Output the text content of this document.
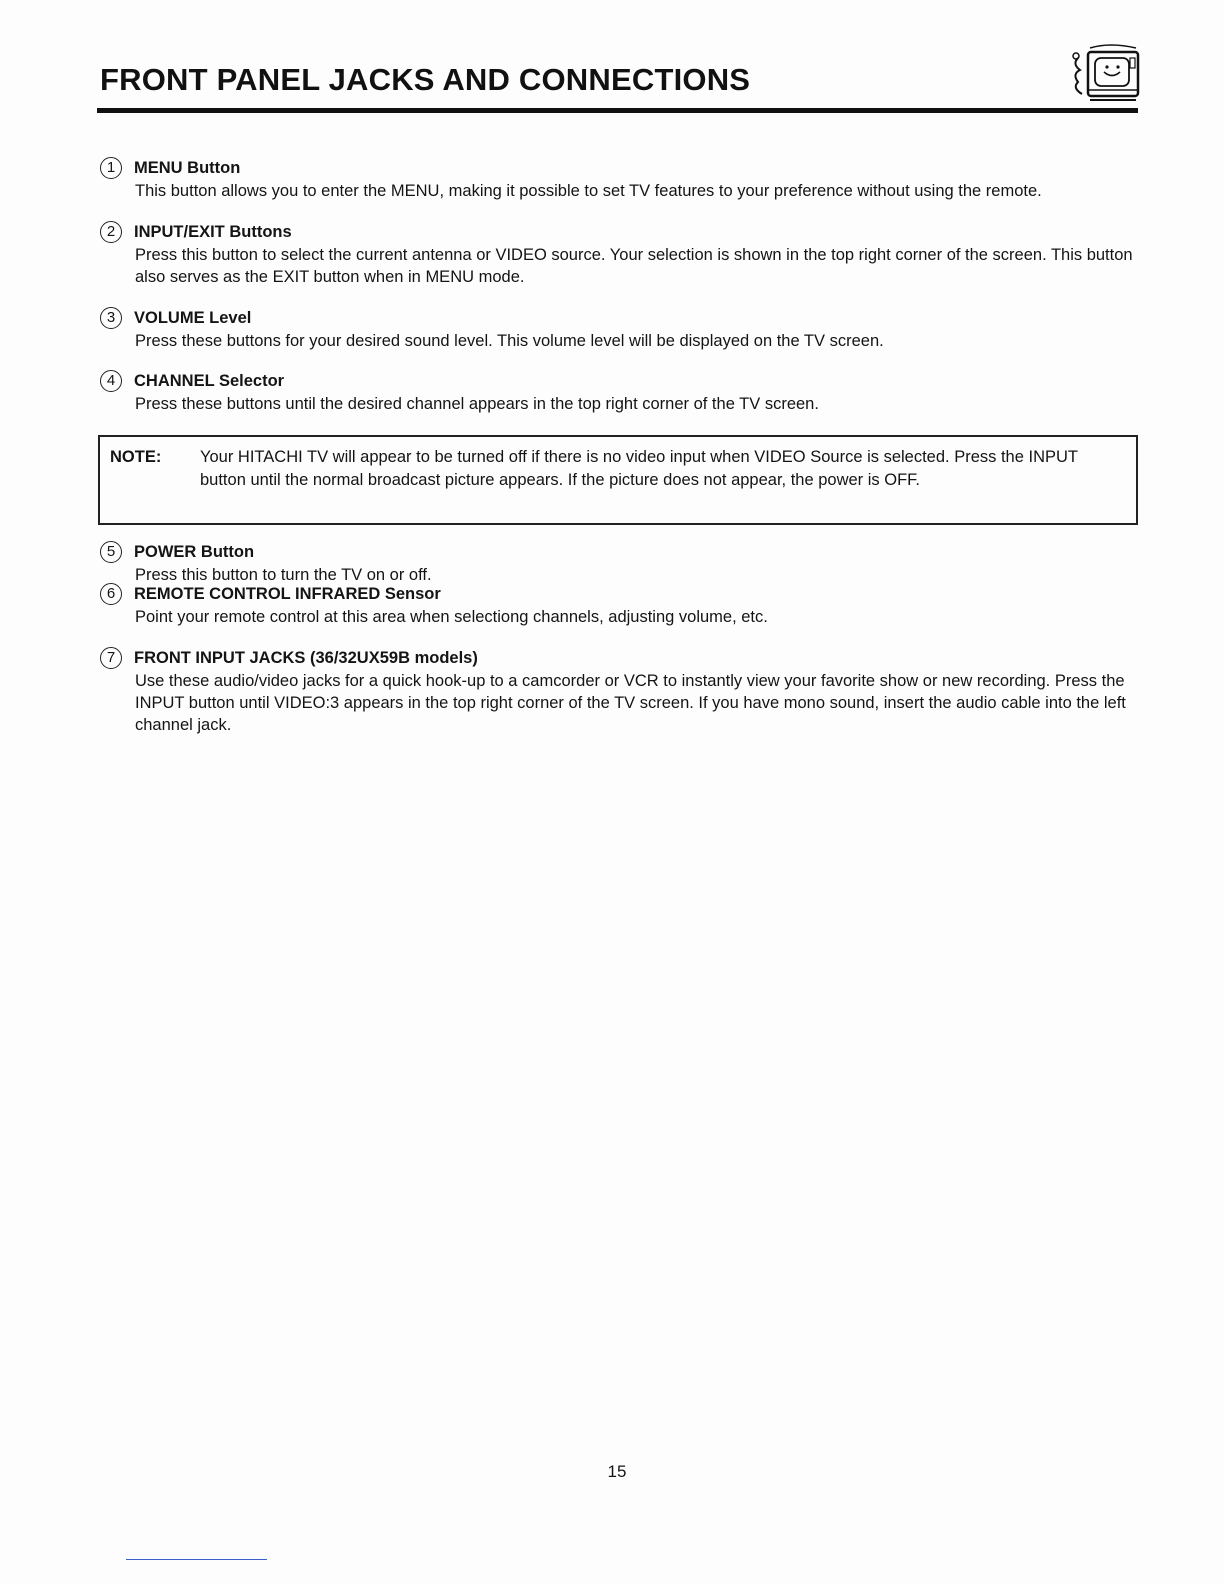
FRONT PANEL JACKS AND CONNECTIONS
1	MENU Button

This button allows you to enter the MENU, making it possible to set TV features to your preference without using the remote.

2	INPUT/EXIT Buttons

Press this button to select the current antenna or VIDEO source. Your selection is shown in the top right corner of the screen. This button also serves as the EXIT button when in MENU mode.

3	VOLUME Level

Press these buttons for your desired sound level. This volume level will be displayed on the TV screen.

4	CHANNEL Selector

Press these buttons until the desired channel appears in the top right corner of the TV screen.

NOTE: Your HITACHI TV will appear to be turned off if there is no video input when VIDEO Source is selected. Press the INPUT button until the normal broadcast picture appears. If the picture does not appear, the power is OFF.

5	POWER Button

Press this button to turn the TV on or off.

6	REMOTE CONTROL INFRARED Sensor

Point your remote control at this area when selectiong channels, adjusting volume, etc.

7	FRONT INPUT JACKS (36/32UX59B models)

Use these audio/video jacks for a quick hook-up to a camcorder or VCR to instantly view your favorite show or new recording. Press the INPUT button until VIDEO:3 appears in the top right corner of the TV screen. If you have mono sound, insert the audio cable into the left channel jack.

15
